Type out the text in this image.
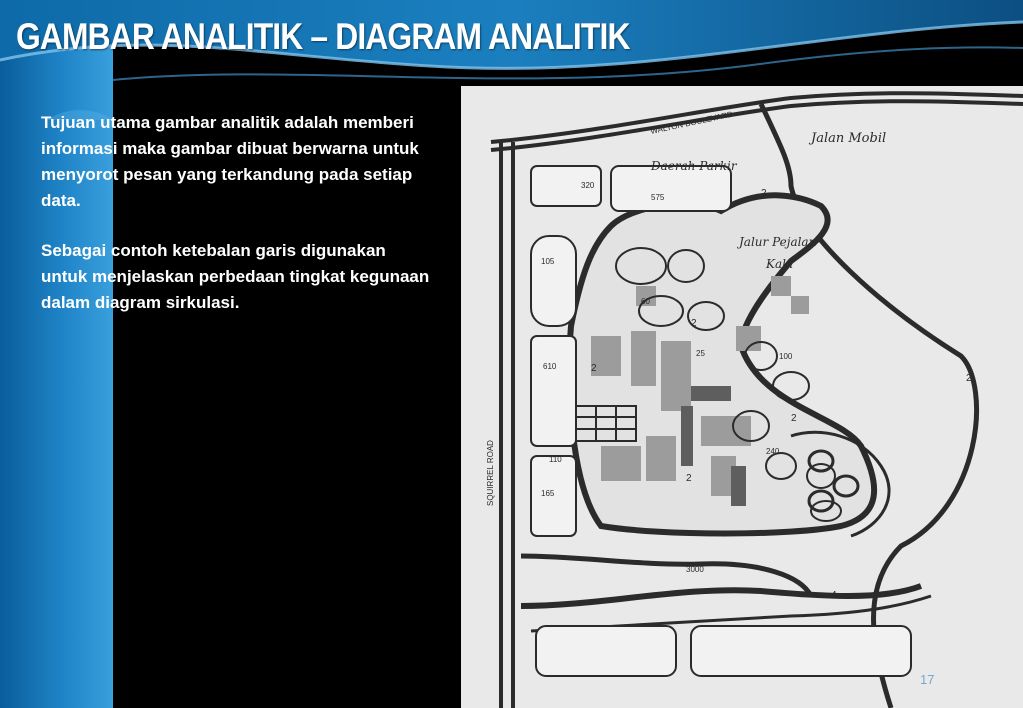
GAMBAR ANALITIK – DIAGRAM ANALITIK

Tujuan utama gambar analitik adalah memberi informasi maka gambar dibuat berwarna untuk menyorot pesan yang terkandung pada setiap data.

Sebagai contoh ketebalan garis digunakan untuk menjelaskan perbedaan tingkat kegunaan dalam diagram sirkulasi.

WALTON BOULEVARD
SQUIRREL ROAD
Jalan Mobil
Daerah Parkir
Jalur Pejalan
Kaki
320
575
105
60
25	100
610
2
2
2
2
2
2
240
110
165
3000
4
17
